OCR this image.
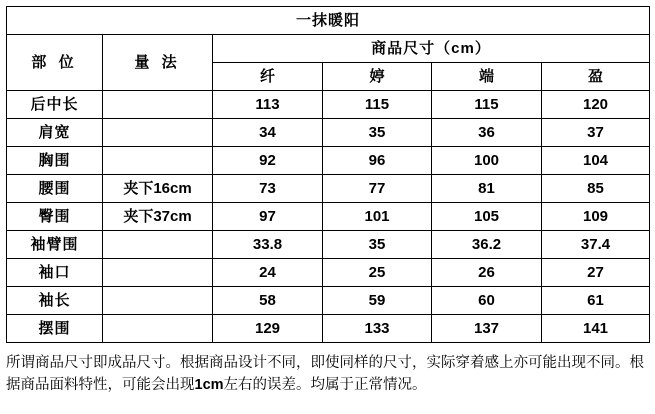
一抹暖阳					
部 位	量 法	商品尺寸（cm）			
		纤	婷	端	盈
后中长		113	115	115	120
肩宽		34	35	36	37
胸围		92	96	100	104
腰围	夹下16cm	73	77	81	85
臀围	夹下37cm	97	101	105	109
袖臂围		33.8	35	36.2	37.4
袖口		24	25	26	27
袖长		58	59	60	61
摆围		129	133	137	141
所谓商品尺寸即成品尺寸。根据商品设计不同，即使同样的尺寸，实际穿着感上亦可能出现不同。根据商品面料特性，可能会出现1cm左右的误差。均属于正常情况。
